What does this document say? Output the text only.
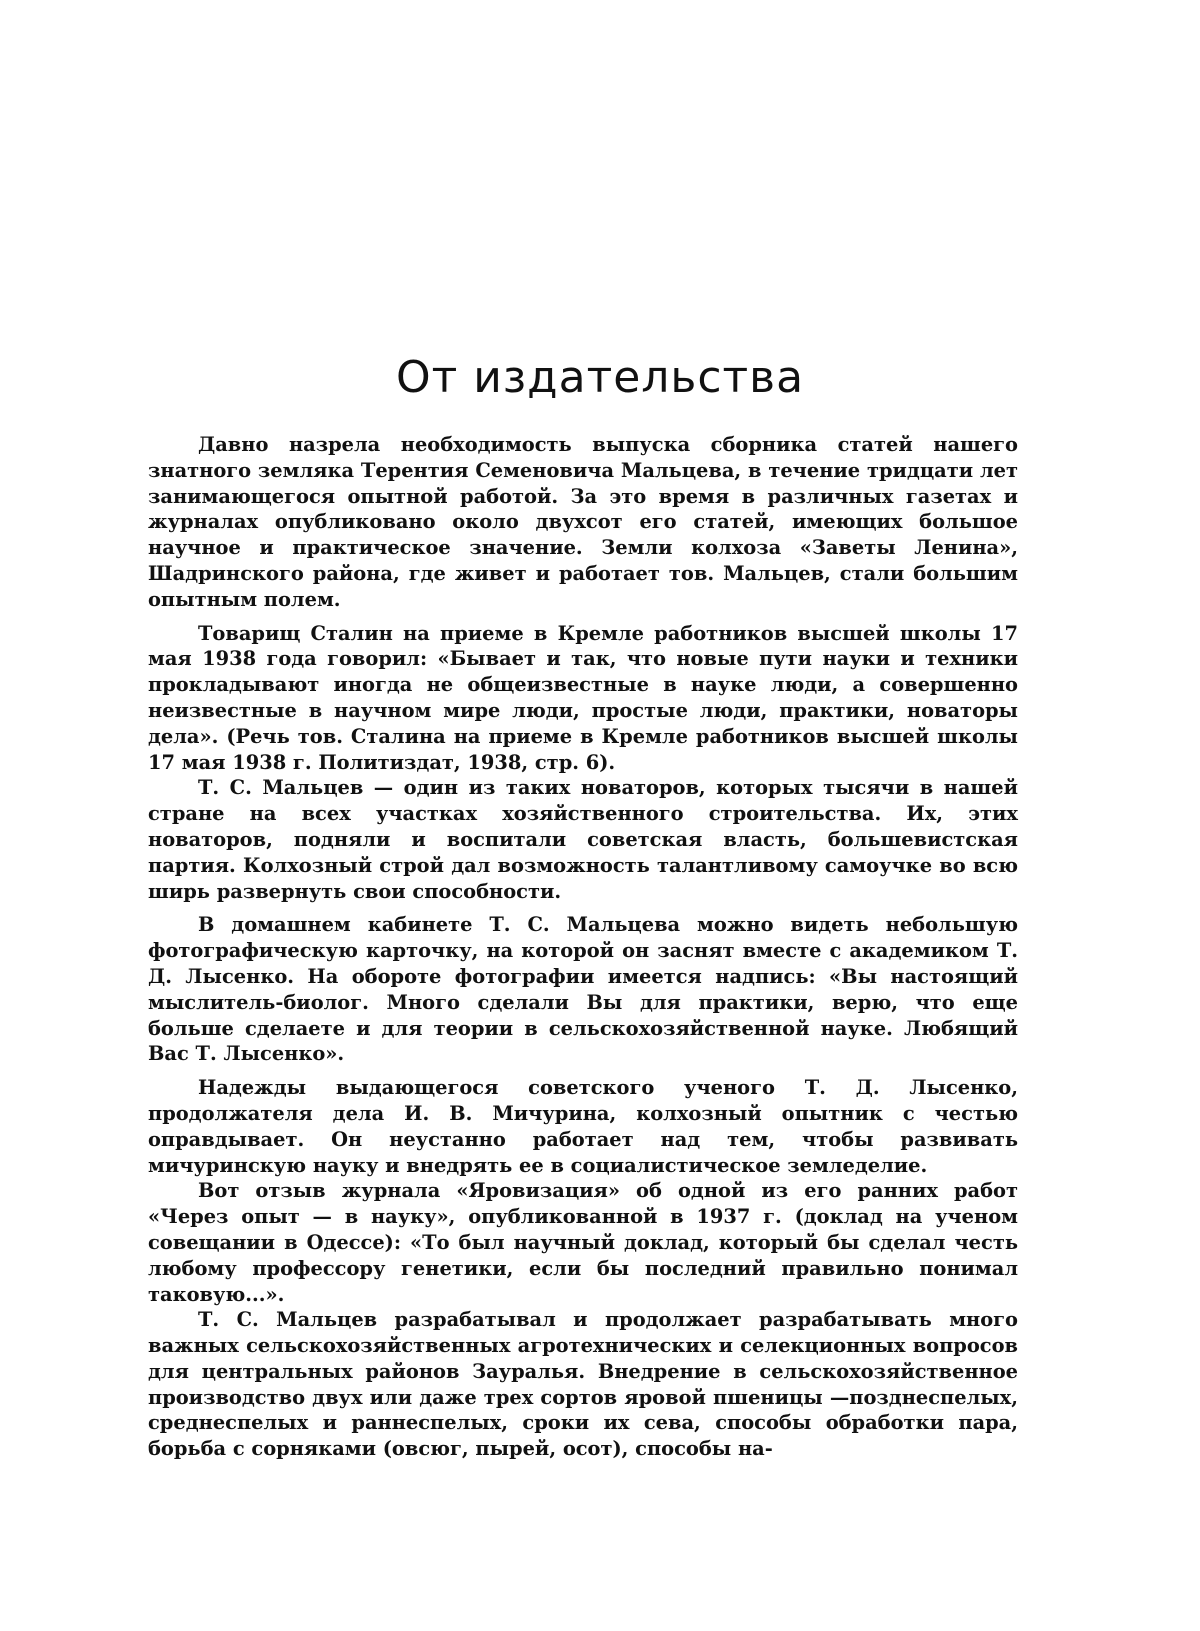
От издательства

Давно назрела необходимость выпуска сборника статей нашего знатного земляка Терентия Семеновича Мальцева, в течение тридцати лет занимающегося опытной работой. За это время в различных газетах и журналах опубликовано около двухсот его статей, имеющих большое научное и практическое значение. Земли колхоза «Заветы Ленина», Шадринского района, где живет и работает тов. Мальцев, стали большим опытным полем.

Товарищ Сталин на приеме в Кремле работников высшей школы 17 мая 1938 года говорил: «Бывает и так, что новые пути науки и техники прокладывают иногда не общеизвестные в науке люди, а совершенно неизвестные в научном мире люди, простые люди, практики, новаторы дела». (Речь тов. Сталина на приеме в Кремле работников высшей школы 17 мая 1938 г. Политиздат, 1938, стр. 6).

Т. С. Мальцев — один из таких новаторов, которых тысячи в нашей стране на всех участках хозяйственного строительства. Их, этих новаторов, подняли и воспитали советская власть, большевистская партия. Колхозный строй дал возможность талантливому самоучке во всю ширь развернуть свои способности.

В домашнем кабинете Т. С. Мальцева можно видеть небольшую фотографическую карточку, на которой он заснят вместе с академиком Т. Д. Лысенко. На обороте фотографии имеется надпись: «Вы настоящий мыслитель-биолог. Много сделали Вы для практики, верю, что еще больше сделаете и для теории в сельскохозяйственной науке. Любящий Вас Т. Лысенко».

Надежды выдающегося советского ученого Т. Д. Лысенко, продолжателя дела И. В. Мичурина, колхозный опытник с честью оправдывает. Он неустанно работает над тем, чтобы развивать мичуринскую науку и внедрять ее в социалистическое земледелие.

Вот отзыв журнала «Яровизация» об одной из его ранних работ «Через опыт — в науку», опубликованной в 1937 г. (доклад на ученом совещании в Одессе): «То был научный доклад, который бы сделал честь любому профессору генетики, если бы последний правильно понимал таковую...».

Т. С. Мальцев разрабатывал и продолжает разрабатывать много важных сельскохозяйственных агротехнических и селекционных вопросов для центральных районов Зауралья. Внедрение в сельскохозяйственное производство двух или даже трех сортов яровой пшеницы —позднеспелых, среднеспелых и раннеспелых, сроки их сева, способы обработки пара, борьба с сорняками (овсюг, пырей, осот), способы на-
